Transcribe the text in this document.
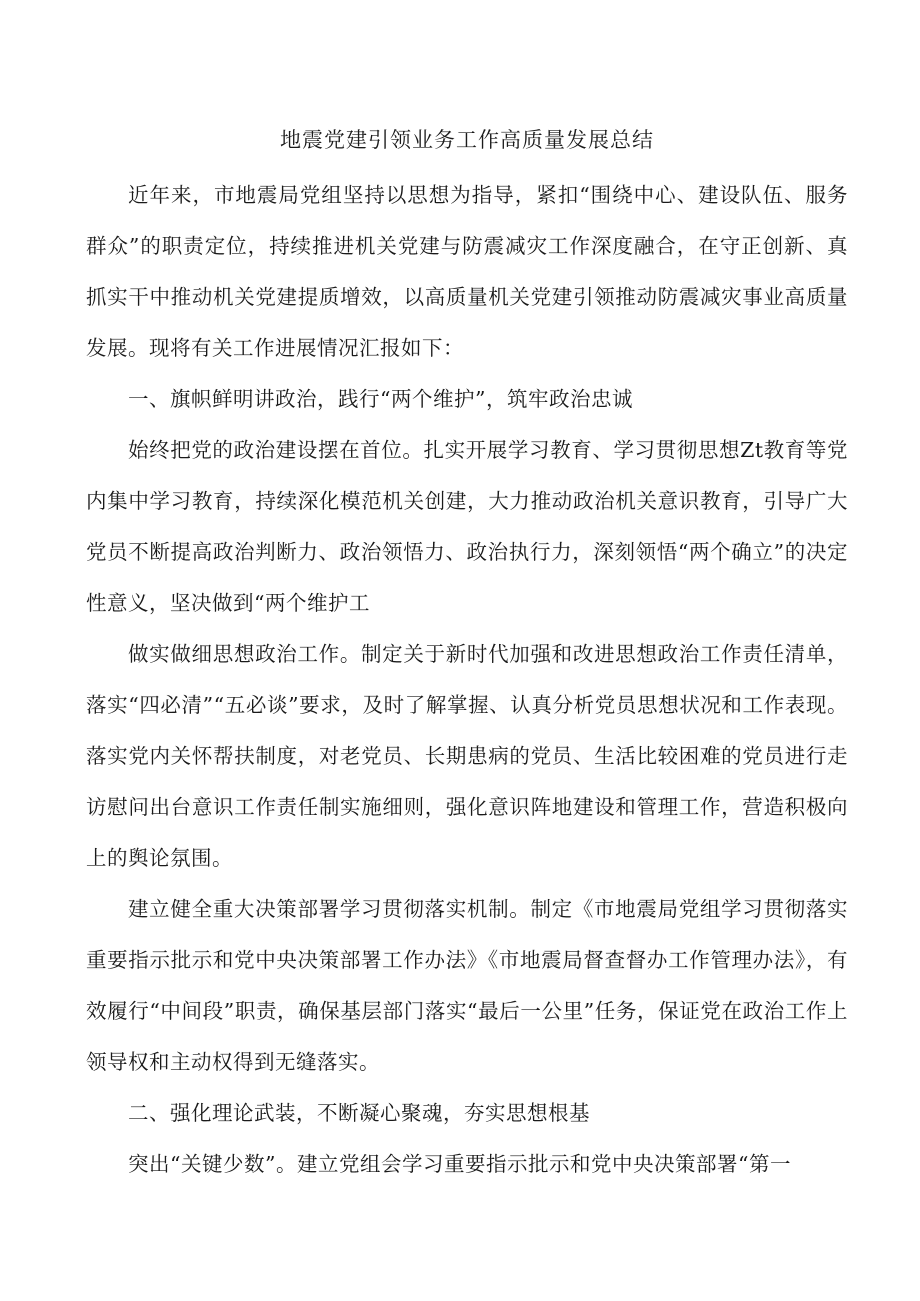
地震党建引领业务工作高质量发展总结

近年来，市地震局党组坚持以思想为指导，紧扣“围绕中心、建设队伍、服务群众”的职责定位，持续推进机关党建与防震减灾工作深度融合，在守正创新、真抓实干中推动机关党建提质增效，以高质量机关党建引领推动防震减灾事业高质量发展。现将有关工作进展情况汇报如下：

一、旗帜鲜明讲政治，践行“两个维护”，筑牢政治忠诚

始终把党的政治建设摆在首位。扎实开展学习教育、学习贯彻思想Zt教育等党内集中学习教育，持续深化模范机关创建，大力推动政治机关意识教育，引导广大党员不断提高政治判断力、政治领悟力、政治执行力，深刻领悟“两个确立”的决定性意义，坚决做到“两个维护工

做实做细思想政治工作。制定关于新时代加强和改进思想政治工作责任清单，落实“四必清”“五必谈”要求，及时了解掌握、认真分析党员思想状况和工作表现。落实党内关怀帮扶制度，对老党员、长期患病的党员、生活比较困难的党员进行走访慰问出台意识工作责任制实施细则，强化意识阵地建设和管理工作，营造积极向上的舆论氛围。

建立健全重大决策部署学习贯彻落实机制。制定《市地震局党组学习贯彻落实重要指示批示和党中央决策部署工作办法》《市地震局督查督办工作管理办法》，有效履行“中间段”职责，确保基层部门落实“最后一公里”任务，保证党在政治工作上领导权和主动权得到无缝落实。

二、强化理论武装，不断凝心聚魂，夯实思想根基

突出“关键少数”。建立党组会学习重要指示批示和党中央决策部署“第一
